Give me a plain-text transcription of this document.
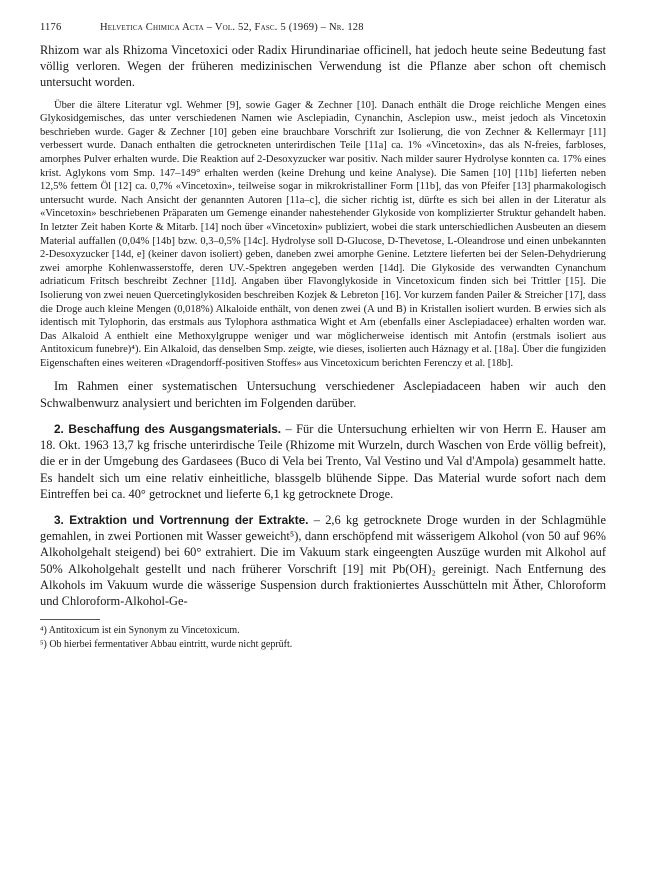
1176	Helvetica Chimica Acta – Vol. 52, Fasc. 5 (1969) – Nr. 128

Rhizom war als Rhizoma Vincetoxici oder Radix Hirundinariae officinell, hat jedoch heute seine Bedeutung fast völlig verloren. Wegen der früheren medizinischen Verwendung ist die Pflanze aber schon oft chemisch untersucht worden.

Über die ältere Literatur vgl. Wehmer [9], sowie Gager & Zechner [10]. Danach enthält die Droge reichliche Mengen eines Glykosidgemisches, das unter verschiedenen Namen wie Asclepiadin, Cynanchin, Asclepion usw., meist jedoch als Vincetoxin beschrieben wurde. Gager & Zechner [10] geben eine brauchbare Vorschrift zur Isolierung, die von Zechner & Kellermayr [11] verbessert wurde. Danach enthalten die getrockneten unterirdischen Teile [11a] ca. 1% «Vincetoxin», das als N-freies, farbloses, amorphes Pulver erhalten wurde. Die Reaktion auf 2-Desoxyzucker war positiv. Nach milder saurer Hydrolyse konnten ca. 17% eines krist. Aglykons vom Smp. 147–149° erhalten werden (keine Drehung und keine Analyse). Die Samen [10] [11b] lieferten neben 12,5% fettem Öl [12] ca. 0,7% «Vincetoxin», teilweise sogar in mikrokristalliner Form [11b], das von Pfeifer [13] pharmakologisch untersucht wurde. Nach Ansicht der genannten Autoren [11a–c], die sicher richtig ist, dürfte es sich bei allen in der Literatur als «Vincetoxin» beschriebenen Präparaten um Gemenge einander nahestehender Glykoside von komplizierter Struktur gehandelt haben. In letzter Zeit haben Korte & Mitarb. [14] noch über «Vincetoxin» publiziert, wobei die stark unterschiedlichen Ausbeuten an diesem Material auffallen (0,04% [14b] bzw. 0,3–0,5% [14c]. Hydrolyse soll D-Glucose, D-Thevetose, L-Oleandrose und einen unbekannten 2-Desoxyzucker [14d, e] (keiner davon isoliert) geben, daneben zwei amorphe Genine. Letztere lieferten bei der Selen-Dehydrierung zwei amorphe Kohlenwasserstoffe, deren UV.-Spektren angegeben werden [14d]. Die Glykoside des verwandten Cynanchum adriaticum Fritsch beschreibt Zechner [11d]. Angaben über Flavonglykoside in Vincetoxicum finden sich bei Trittler [15]. Die Isolierung von zwei neuen Quercetinglykosiden beschreiben Kozjek & Lebreton [16]. Vor kurzem fanden Pailer & Streicher [17], dass die Droge auch kleine Mengen (0,018%) Alkaloide enthält, von denen zwei (A und B) in Kristallen isoliert wurden. B erwies sich als identisch mit Tylophorin, das erstmals aus Tylophora asthmatica Wight et Arn (ebenfalls einer Asclepiadacee) erhalten worden war. Das Alkaloid A enthielt eine Methoxylgruppe weniger und war möglicherweise identisch mit Antofin (erstmals isoliert aus Antitoxicum funebre)⁴). Ein Alkaloid, das denselben Smp. zeigte, wie dieses, isolierten auch Háznagy et al. [18a]. Über die fungiziden Eigenschaften eines weiteren «Dragendorff-positiven Stoffes» aus Vincetoxicum berichten Ferenczy et al. [18b].

Im Rahmen einer systematischen Untersuchung verschiedener Asclepiadaceen haben wir auch den Schwalbenwurz analysiert und berichten im Folgenden darüber.

2. Beschaffung des Ausgangsmaterials. – Für die Untersuchung erhielten wir von Herrn E. Hauser am 18. Okt. 1963 13,7 kg frische unterirdische Teile (Rhizome mit Wurzeln, durch Waschen von Erde völlig befreit), die er in der Umgebung des Gardasees (Buco di Vela bei Trento, Val Vestino und Val d'Ampola) gesammelt hatte. Es handelt sich um eine relativ einheitliche, blassgelb blühende Sippe. Das Material wurde sofort nach dem Eintreffen bei ca. 40° getrocknet und lieferte 6,1 kg getrocknete Droge.

3. Extraktion und Vortrennung der Extrakte. – 2,6 kg getrocknete Droge wurden in der Schlagmühle gemahlen, in zwei Portionen mit Wasser geweicht⁵), dann erschöpfend mit wässerigem Alkohol (von 50 auf 96% Alkoholgehalt steigend) bei 60° extrahiert. Die im Vakuum stark eingeengten Auszüge wurden mit Alkohol auf 50% Alkoholgehalt gestellt und nach früherer Vorschrift [19] mit Pb(OH)₂ gereinigt. Nach Entfernung des Alkohols im Vakuum wurde die wässerige Suspension durch fraktioniertes Ausschütteln mit Äther, Chloroform und Chloroform-Alkohol-Ge-

⁴) Antitoxicum ist ein Synonym zu Vincetoxicum.
⁵) Ob hierbei fermentativer Abbau eintritt, wurde nicht geprüft.
